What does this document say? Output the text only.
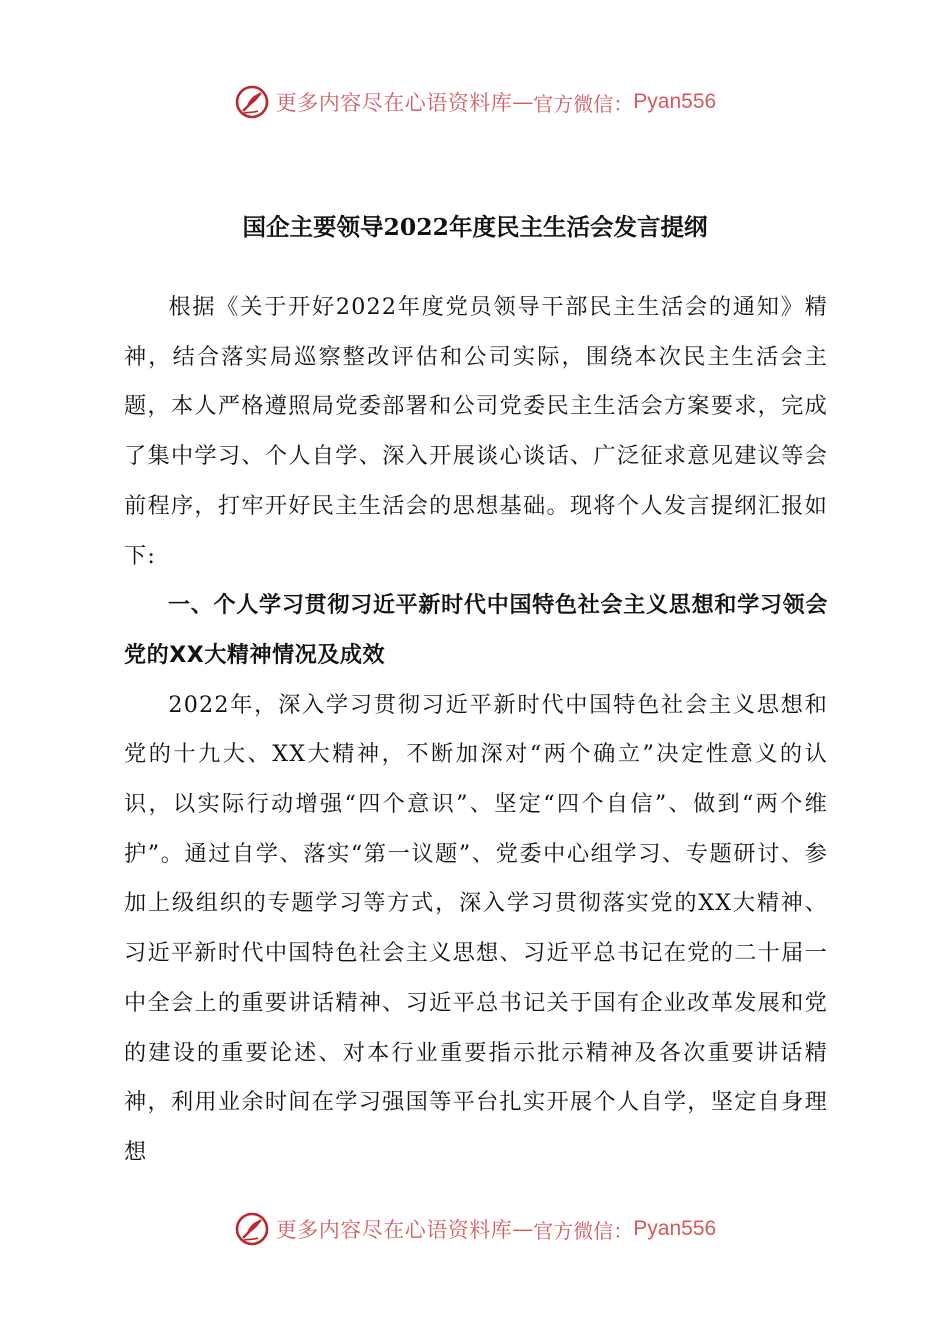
更多内容尽在心语资料库 — 官方微信： Pyan556
国企主要领导2022年度民主生活会发言提纲

根据《关于开好2022年度党员领导干部民主生活会的通知》精神，结合落实局巡察整改评估和公司实际，围绕本次民主生活会主题，本人严格遵照局党委部署和公司党委民主生活会方案要求，完成了集中学习、个人自学、深入开展谈心谈话、广泛征求意见建议等会前程序，打牢开好民主生活会的思想基础。现将个人发言提纲汇报如下:

一、个人学习贯彻习近平新时代中国特色社会主义思想和学习领会党的XX大精神情况及成效

2022年，深入学习贯彻习近平新时代中国特色社会主义思想和党的十九大、XX大精神，不断加深对“两个确立”决定性意义的认识，以实际行动增强“四个意识”、坚定“四个自信”、做到“两个维护”。通过自学、落实“第一议题”、党委中心组学习、专题研讨、参加上级组织的专题学习等方式，深入学习贯彻落实党的XX大精神、习近平新时代中国特色社会主义思想、习近平总书记在党的二十届一中全会上的重要讲话精神、习近平总书记关于国有企业改革发展和党的建设的重要论述、对本行业重要指示批示精神及各次重要讲话精神，利用业余时间在学习强国等平台扎实开展个人自学，坚定自身理想

更多内容尽在心语资料库 — 官方微信： Pyan556
